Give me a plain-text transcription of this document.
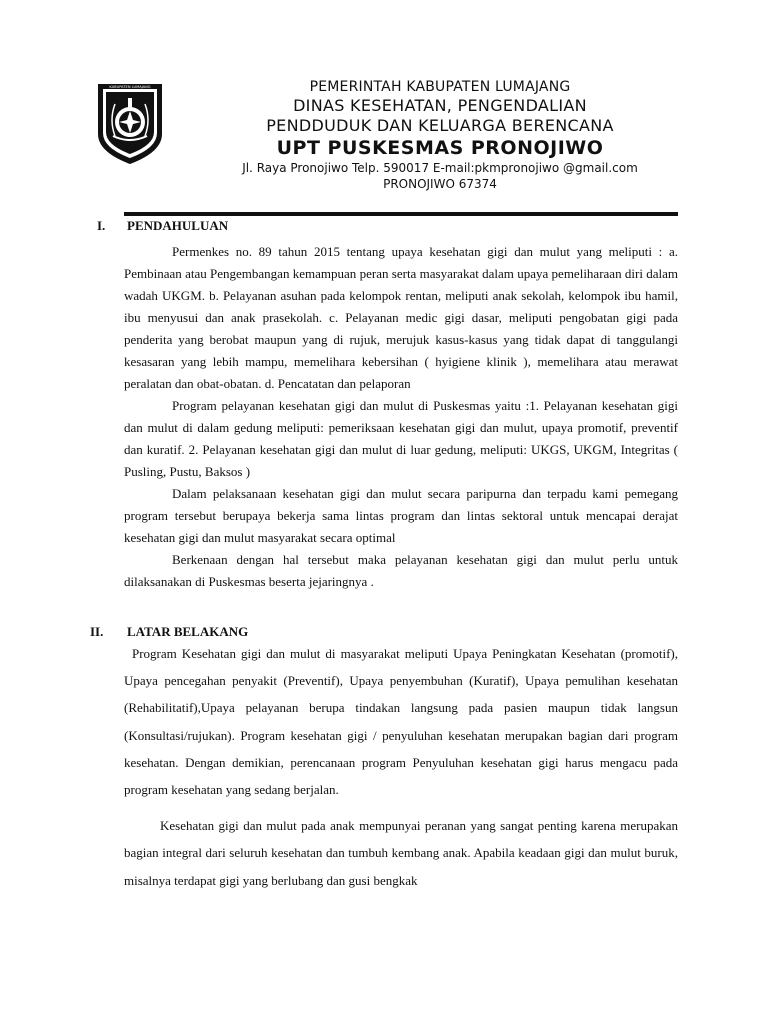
KABUPATEN LUMAJANG	PEMERINTAH KABUPATEN LUMAJANG
DINAS KESEHATAN, PENGENDALIAN
PENDDUDUK DAN KELUARGA BERENCANA
UPT PUSKESMAS PRONOJIWO
Jl. Raya Pronojiwo Telp. 590017 E-mail:pkmpronojiwo @gmail.com
PRONOJIWO 67374
I. PENDAHULUAN

Permenkes no. 89 tahun 2015 tentang upaya kesehatan gigi dan mulut yang meliputi : a. Pembinaan atau Pengembangan kemampuan peran serta masyarakat dalam upaya pemeliharaan diri dalam wadah UKGM. b. Pelayanan asuhan pada kelompok rentan, meliputi anak sekolah, kelompok ibu hamil, ibu menyusui dan anak prasekolah. c. Pelayanan medic gigi dasar, meliputi pengobatan gigi pada penderita yang berobat maupun yang di rujuk, merujuk kasus-kasus yang tidak dapat di tanggulangi kesasaran yang lebih mampu, memelihara kebersihan ( hyigiene klinik ), memelihara atau merawat peralatan dan obat-obatan. d. Pencatatan dan pelaporan

Program pelayanan kesehatan gigi dan mulut di Puskesmas yaitu :1. Pelayanan kesehatan gigi dan mulut di dalam gedung meliputi: pemeriksaan kesehatan gigi dan mulut, upaya promotif, preventif dan kuratif. 2. Pelayanan kesehatan gigi dan mulut di luar gedung, meliputi: UKGS, UKGM, Integritas ( Pusling, Pustu, Baksos )

Dalam pelaksanaan kesehatan gigi dan mulut secara paripurna dan terpadu kami pemegang program tersebut berupaya bekerja sama lintas program dan lintas sektoral untuk mencapai derajat kesehatan gigi dan mulut masyarakat secara optimal

Berkenaan dengan hal tersebut maka pelayanan kesehatan gigi dan mulut perlu untuk dilaksanakan di Puskesmas beserta jejaringnya .

II. LATAR BELAKANG

Program Kesehatan gigi dan mulut di masyarakat meliputi Upaya Peningkatan Kesehatan (promotif), Upaya pencegahan penyakit (Preventif), Upaya penyembuhan (Kuratif), Upaya pemulihan kesehatan (Rehabilitatif),Upaya pelayanan berupa tindakan langsung pada pasien maupun tidak langsun (Konsultasi/rujukan). Program kesehatan gigi / penyuluhan kesehatan merupakan bagian dari program kesehatan. Dengan demikian, perencanaan program Penyuluhan kesehatan gigi harus mengacu pada program kesehatan yang sedang berjalan.

Kesehatan gigi dan mulut pada anak mempunyai peranan yang sangat penting karena merupakan bagian integral dari seluruh kesehatan dan tumbuh kembang anak. Apabila keadaan gigi dan mulut buruk, misalnya terdapat gigi yang berlubang dan gusi bengkak
